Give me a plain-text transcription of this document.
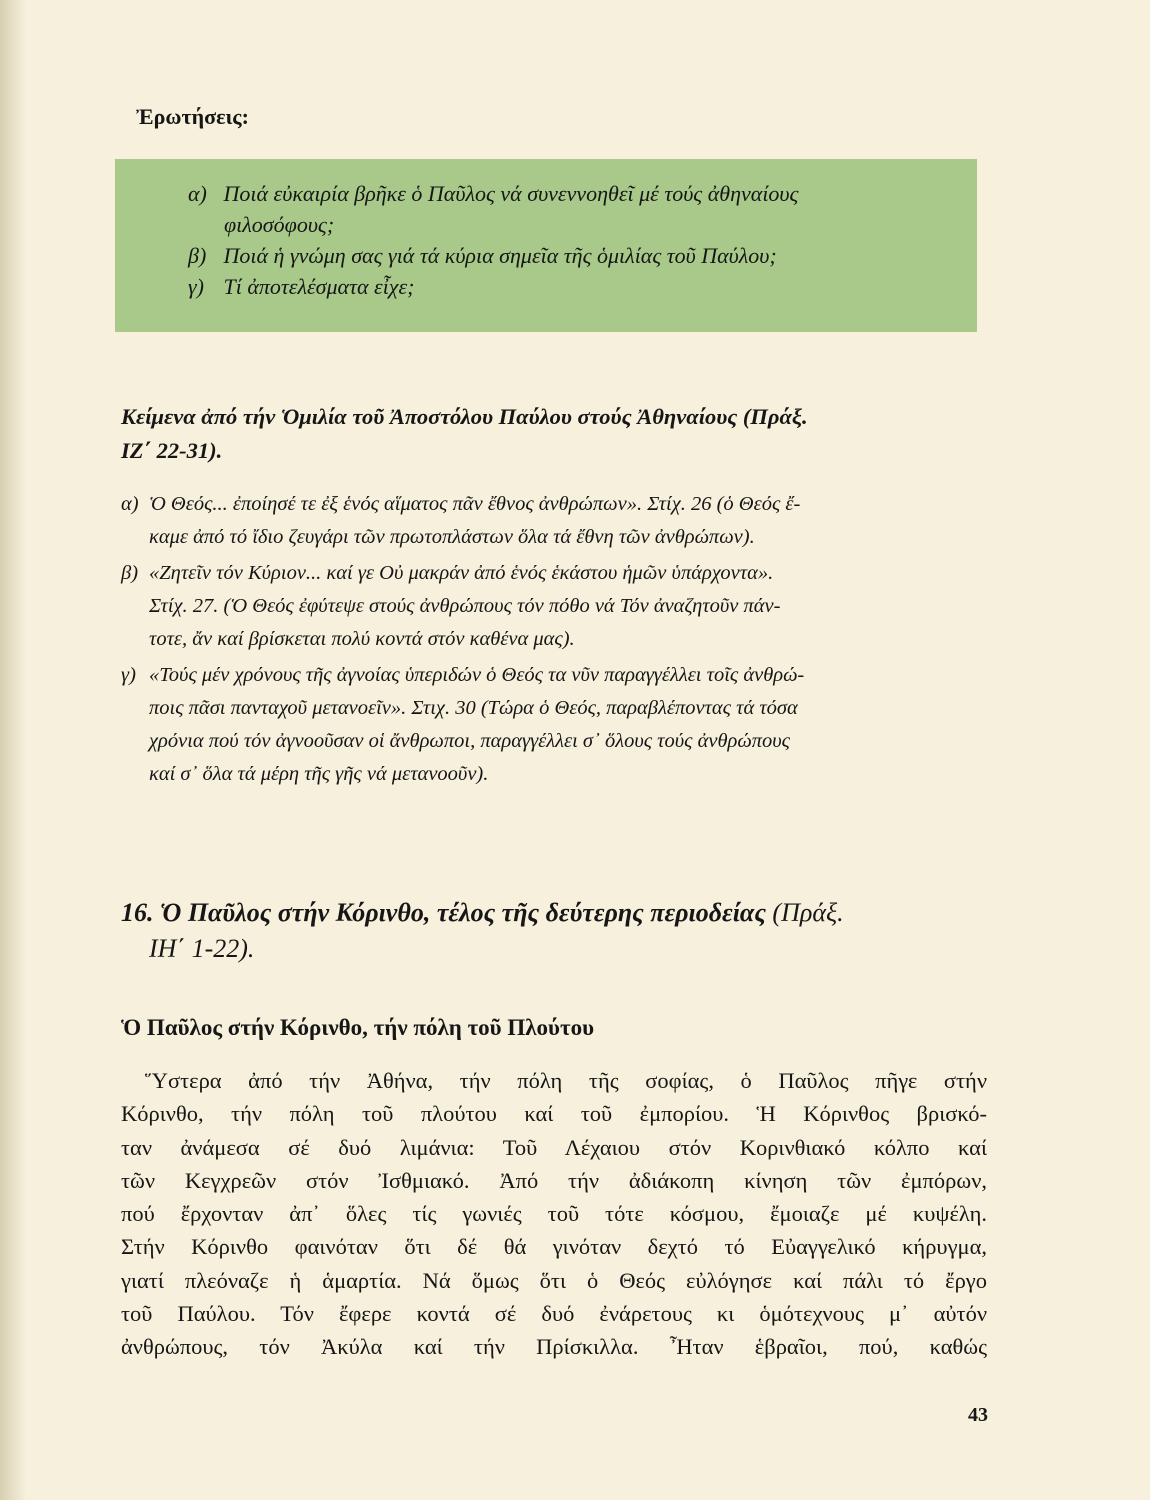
Ἐρωτήσεις:
α) Ποιά εὐκαιρία βρῆκε ὁ Παῦλος νά συνεννοηθεῖ μέ τούς ἀθηναίους
φιλοσόφους;
β) Ποιά ἡ γνώμη σας γιά τά κύρια σημεῖα τῆς ὁμιλίας τοῦ Παύλου;
γ) Τί ἀποτελέσματα εἶχε;
Κείμενα ἀπό τήν Ὁμιλία τοῦ Ἀποστόλου Παύλου στούς Ἀθηναίους (Πράξ.
ΙΖ΄ 22-31).
α) Ὁ Θεός... ἐποίησέ τε ἐξ ἑνός αἵματος πᾶν ἔθνος ἀνθρώπων». Στίχ. 26 (ὁ Θεός ἔ-
καμε ἀπό τό ἴδιο ζευγάρι τῶν πρωτοπλάστων ὅλα τά ἔθνη τῶν ἀνθρώπων).
β) «Ζητεῖν τόν Κύριον... καί γε Οὐ μακράν ἀπό ἑνός ἑκάστου ἡμῶν ὑπάρχοντα».
Στίχ. 27. (Ὁ Θεός ἐφύτεψε στούς ἀνθρώπους τόν πόθο νά Τόν ἀναζητοῦν πάν-
τοτε, ἄν καί βρίσκεται πολύ κοντά στόν καθένα μας).
γ) «Τούς μέν χρόνους τῆς ἀγνοίας ὑπεριδών ὁ Θεός τα νῦν παραγγέλλει τοῖς ἀνθρώ-
ποις πᾶσι πανταχοῦ μετανοεῖν». Στιχ. 30 (Τώρα ὁ Θεός, παραβλέποντας τά τόσα
χρόνια πού τόν ἀγνοοῦσαν οἱ ἄνθρωποι, παραγγέλλει σ᾽ ὅλους τούς ἀνθρώπους
καί σ᾽ ὅλα τά μέρη τῆς γῆς νά μετανοοῦν).
16. Ὁ Παῦλος στήν Κόρινθο, τέλος τῆς δεύτερης περιοδείας (Πράξ.
ΙΗ΄ 1-22).
Ὁ Παῦλος στήν Κόρινθο, τήν πόλη τοῦ Πλούτου

Ὕστερα ἀπό τήν Ἀθήνα, τήν πόλη τῆς σοφίας, ὁ Παῦλος πῆγε στήν
Κόρινθο, τήν πόλη τοῦ πλούτου καί τοῦ ἐμπορίου. Ἡ Κόρινθος βρισκό-
ταν ἀνάμεσα σέ δυό λιμάνια: Τοῦ Λέχαιου στόν Κορινθιακό κόλπο καί
τῶν Κεγχρεῶν στόν Ἰσθμιακό. Ἀπό τήν ἀδιάκοπη κίνηση τῶν ἐμπόρων,
πού ἔρχονταν ἀπ᾽ ὅλες τίς γωνιές τοῦ τότε κόσμου, ἔμοιαζε μέ κυψέλη.
Στήν Κόρινθο φαινόταν ὅτι δέ θά γινόταν δεχτό τό Εὐαγγελικό κήρυγμα,
γιατί πλεόναζε ἡ ἁμαρτία. Νά ὅμως ὅτι ὁ Θεός εὐλόγησε καί πάλι τό ἔργο
τοῦ Παύλου. Τόν ἔφερε κοντά σέ δυό ἐνάρετους κι ὁμότεχνους μ᾽ αὐτόν
ἀνθρώπους, τόν Ἀκύλα καί τήν Πρίσκιλλα. Ἦταν ἑβραῖοι, πού, καθώς

43
